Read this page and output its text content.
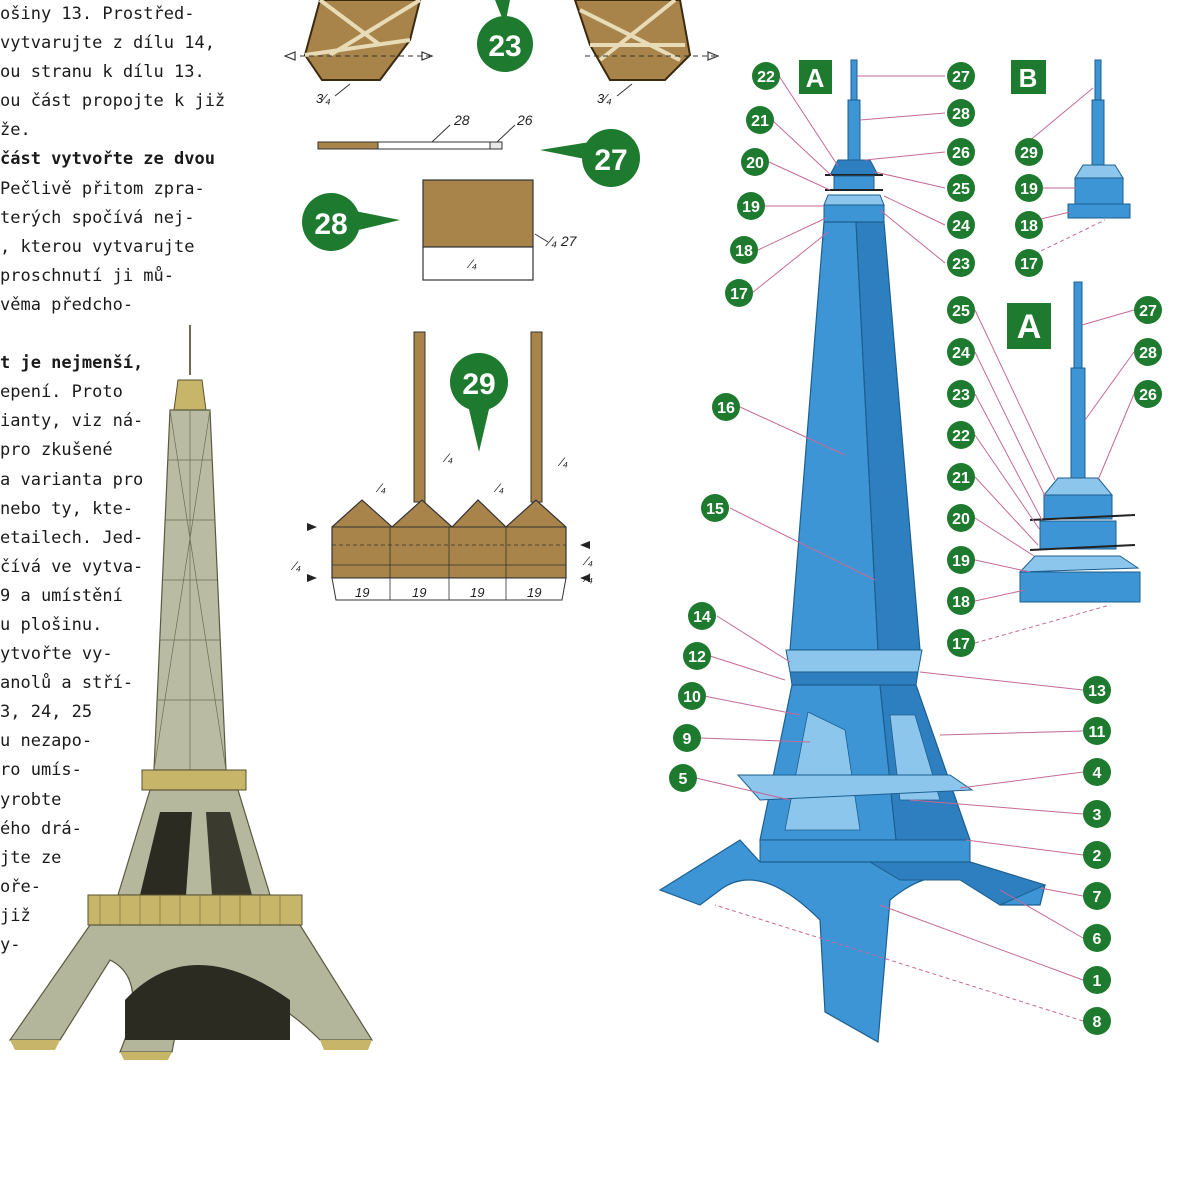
ošiny 13. Prostřed-
vytvarujte z dílu 14,
ou stranu k dílu 13.
ou část propojte k již
že.
část vytvořte ze dvou
Pečlivě přitom zpra-
terých spočívá nej-
, kterou vytvarujte
proschnutí ji mů-
věma předcho-
t je nejmenší,
epení. Proto
ianty, viz ná-
pro zkušené
a varianta pro
nebo ty, kte-
etailech. Jed-
čívá ve vytva-
9 a umístění
u plošinu.
ytvořte vy-
anolů a stří-
3, 24, 25
u nezapo-
ro umís-
yrobte
ého drá-
jte ze
oře-
již
y-
3⁄₄	3⁄₄
23
28	26
27
⁄₄ 27
⁄₄
28
19	19	19	19
⁄₄	⁄₄
⁄₄	⁄₄
⁄₄	⁄₄
⁄₄
29
A	B
A
22
21
20
19
18
17
16
15
14
12
10
9
5
27
28
26
25
24
23
13
11
4
3
2
7
6
1
8
29
19
18
17
25
24
23
22
21
20
19
18
17
27
28
26
